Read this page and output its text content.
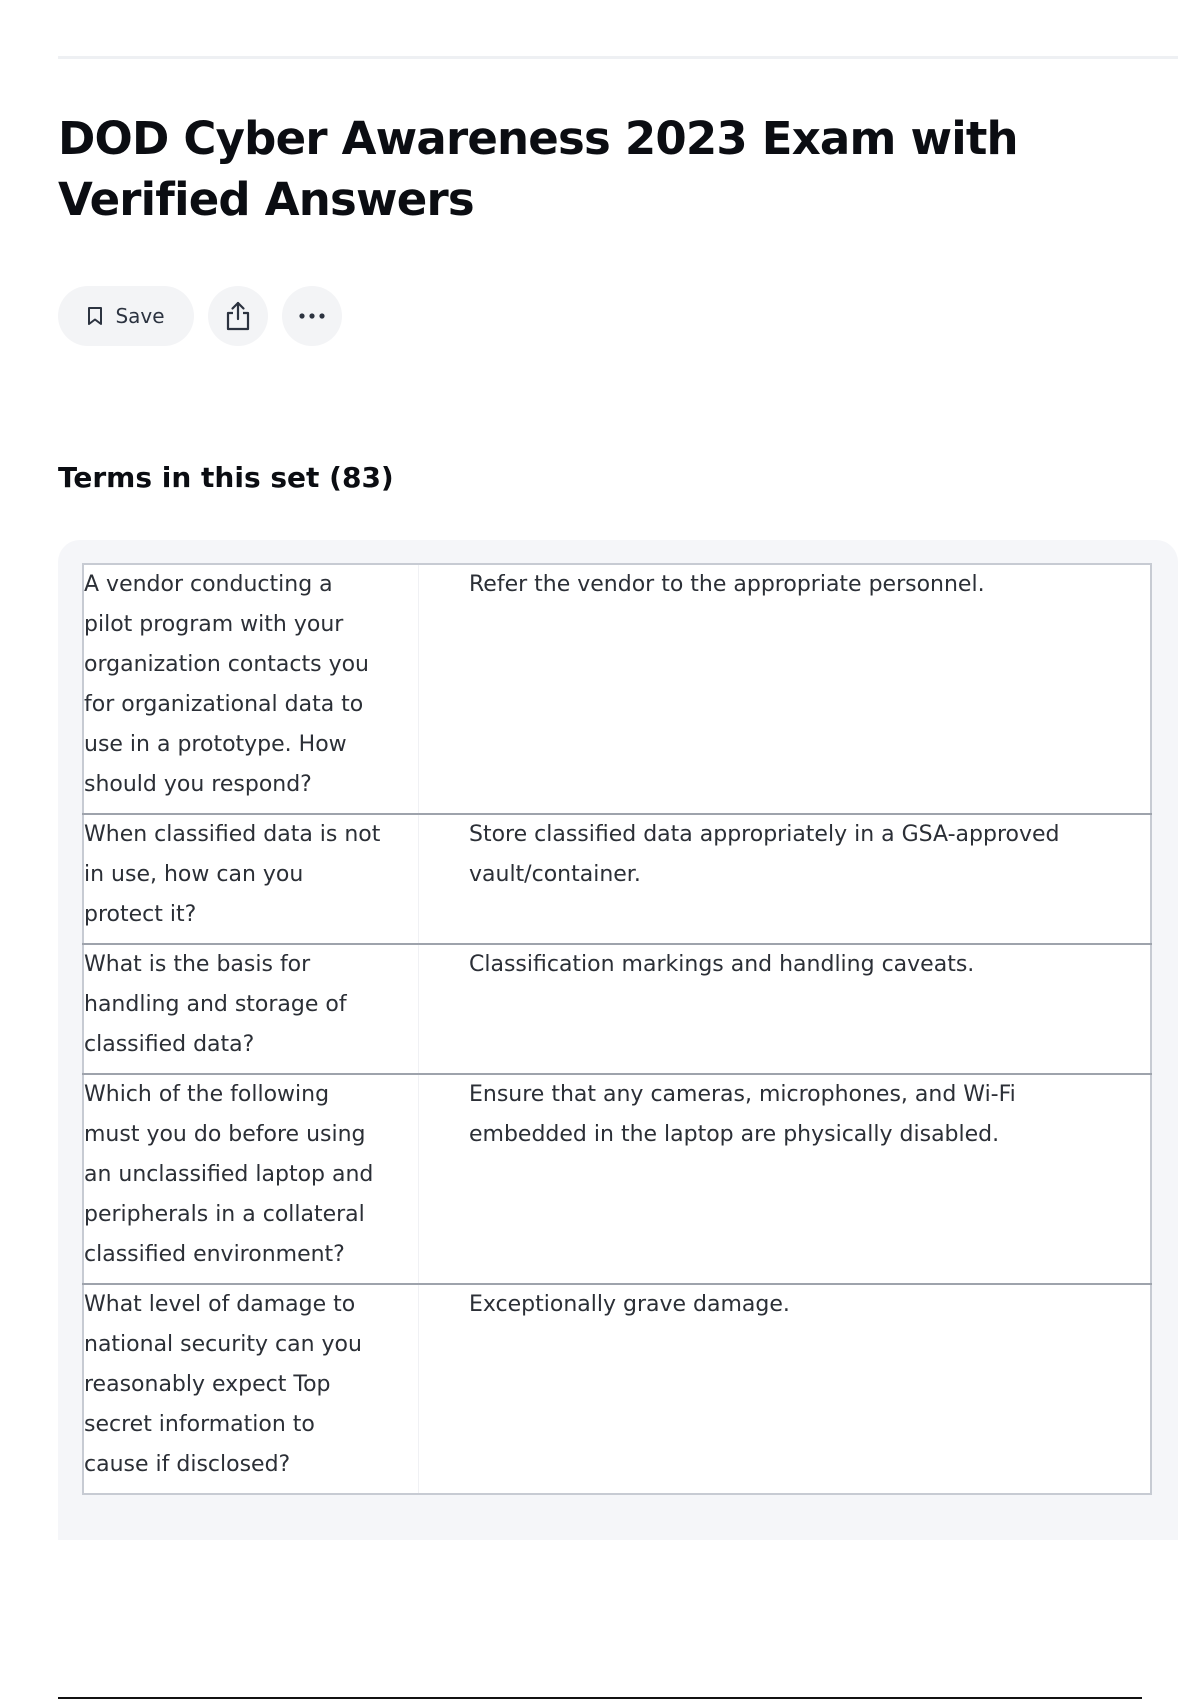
DOD Cyber Awareness 2023 Exam with Verified Answers
Save
Terms in this set (83)
A vendor conducting a pilot program with your organization contacts you for organizational data to use in a prototype. How should you respond?	Refer the vendor to the appropriate personnel.
When classified data is not in use, how can you protect it?	Store classified data appropriately in a GSA-approved vault/container.
What is the basis for handling and storage of classified data?	Classification markings and handling caveats.
Which of the following must you do before using an unclassified laptop and peripherals in a collateral classified environment?	Ensure that any cameras, microphones, and Wi-Fi embedded in the laptop are physically disabled.
What level of damage to national security can you reasonably expect Top secret information to cause if disclosed?	Exceptionally grave damage.
